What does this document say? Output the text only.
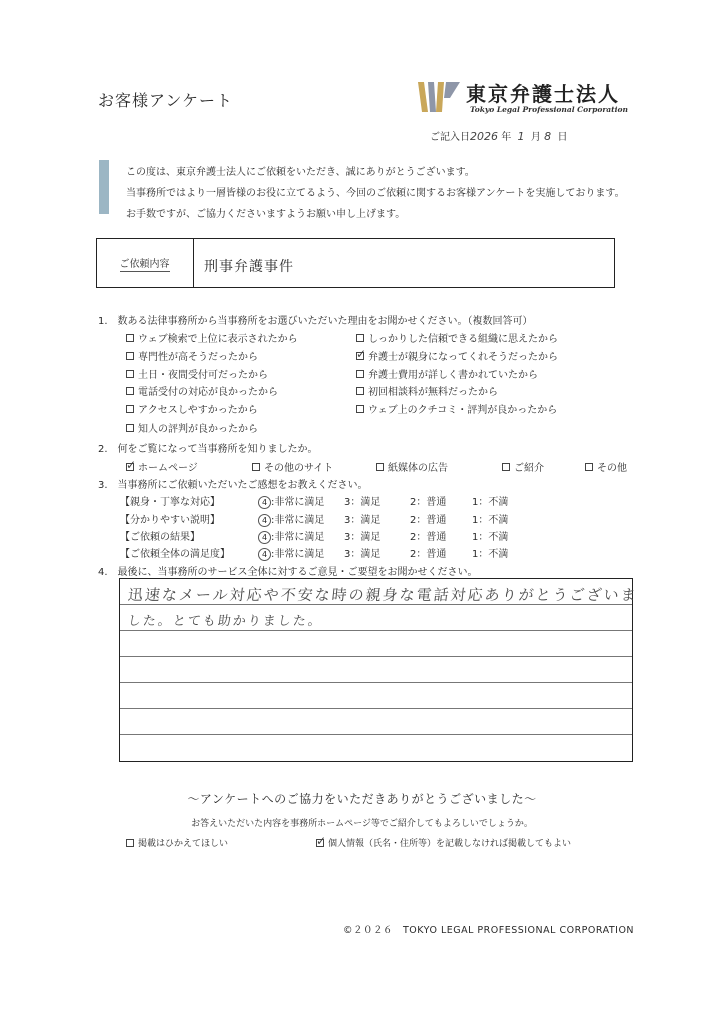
お客様アンケート	東京弁護士法人
Tokyo Legal Professional Corporation
ご記入日2026 年 1 月 8 日
この度は、東京弁護士法人にご依頼をいただき、誠にありがとうございます。
当事務所ではより一層皆様のお役に立てるよう、今回のご依頼に関するお客様アンケートを実施しております。
お手数ですが、ご協力くださいますようお願い申し上げます。
ご依頼内容 刑事弁護事件
1.　数ある法律事務所から当事務所をお選びいただいた理由をお聞かせください。（複数回答可）
ウェブ検索で上位に表示されたから
専門性が高そうだったから
土日・夜間受付可だったから
電話受付の対応が良かったから
アクセスしやすかったから
知人の評判が良かったから
しっかりした信頼できる組織に思えたから
✓
弁護士が親身になってくれそうだったから
弁護士費用が詳しく書かれていたから
初回相談料が無料だったから
ウェブ上のクチコミ・評判が良かったから
2.　何をご覧になって当事務所を知りましたか。
✓
ホームページ	その他のサイト	紙媒体の広告	ご紹介	その他
3.　当事務所にご依頼いただいたご感想をお教えください。
【親身・丁寧な対応】	4 :非常に満足 3：満足	2：普通	1：不満
【分かりやすい説明】	4 :非常に満足 3：満足	2：普通	1：不満
【ご依頼の結果】	4 :非常に満足 3：満足	2：普通	1：不満
【ご依頼全体の満足度】	4 :非常に満足 3：満足	2：普通	1：不満
4.　最後に、当事務所のサービス全体に対するご意見・ご要望をお聞かせください。
迅速なメール対応や不安な時の親身な電話対応ありがとうございま
した。とても助かりました。
～アンケートへのご協力をいただきありがとうございました～
お答えいただいた内容を事務所ホームページ等でご紹介してもよろしいでしょうか。
掲載はひかえてほしい
✓	個人情報（氏名・住所等）を記載しなければ掲載してもよい
©２０２６　TOKYO LEGAL PROFESSIONAL CORPORATION
